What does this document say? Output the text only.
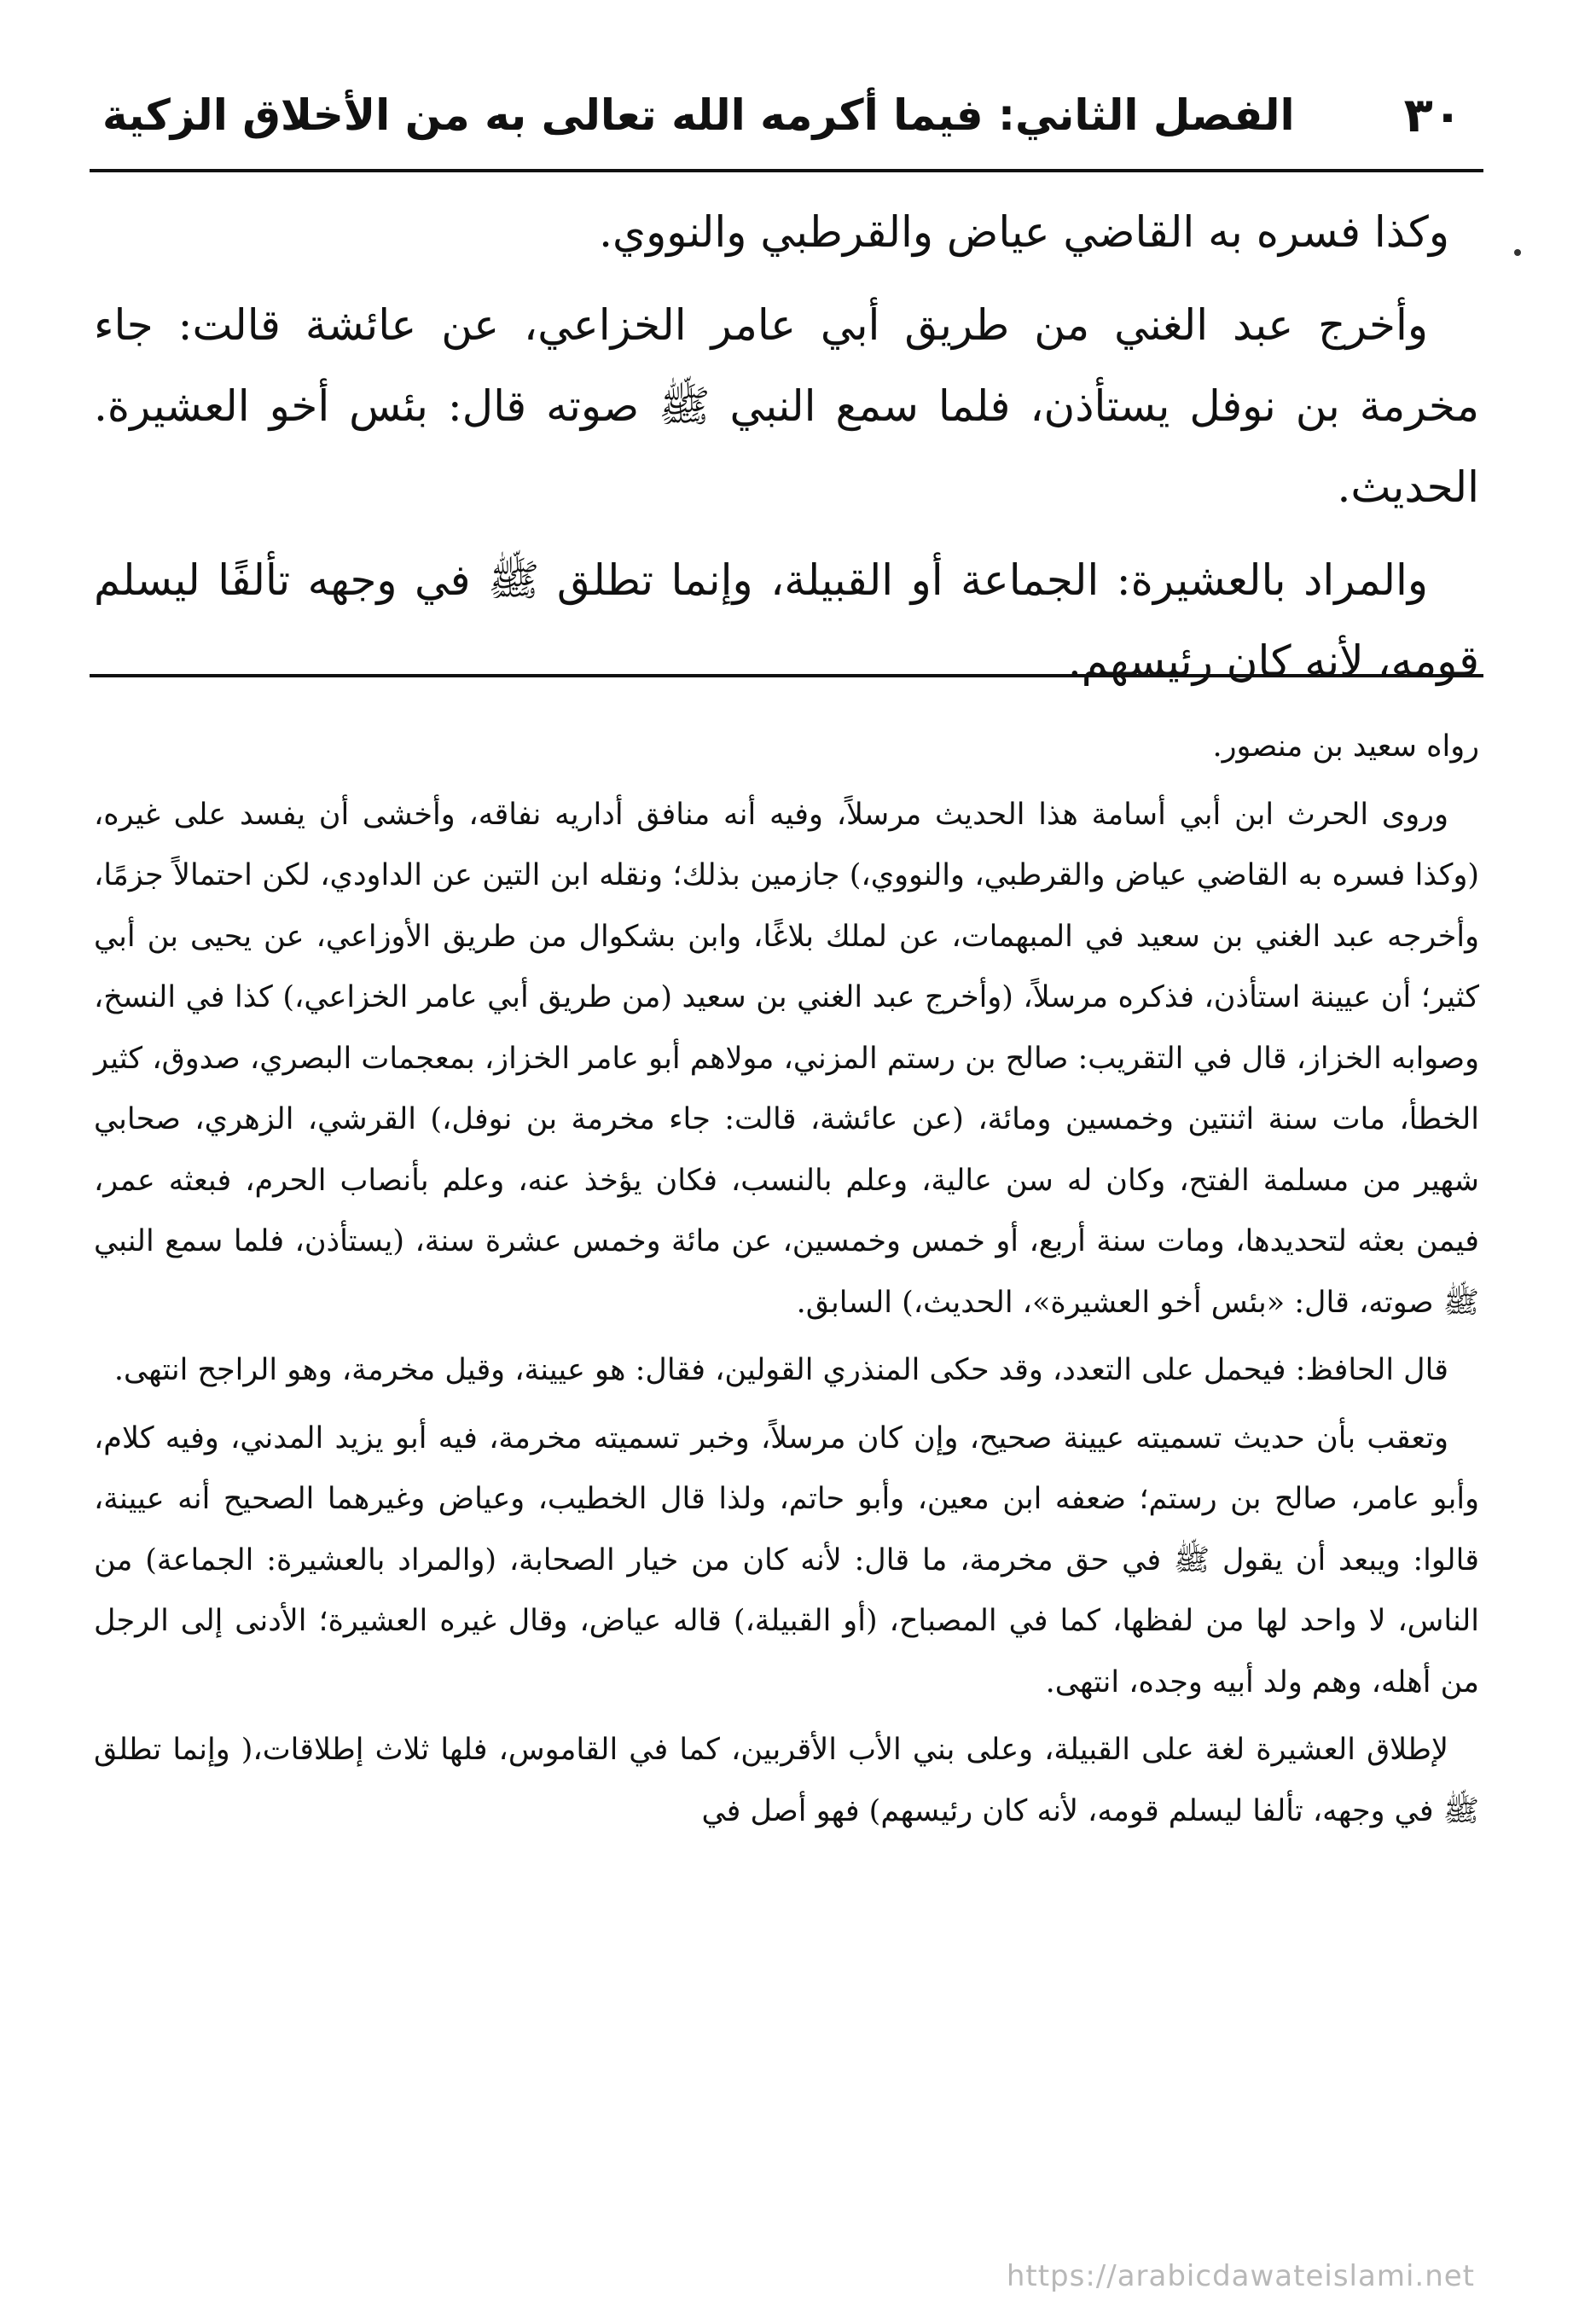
٣٠
الفصل الثاني: فيما أكرمه الله تعالى به من الأخلاق الزكية

وكذا فسره به القاضي عياض والقرطبي والنووي.

وأخرج عبد الغني من طريق أبي عامر الخزاعي، عن عائشة قالت: جاء مخرمة بن نوفل يستأذن، فلما سمع النبي ﷺ صوته قال: بئس أخو العشيرة. الحديث.

والمراد بالعشيرة: الجماعة أو القبيلة، وإنما تطلق ﷺ في وجهه تألفًا ليسلم قومه، لأنه كان رئيسهم.

رواه سعيد بن منصور.

وروى الحرث ابن أبي أسامة هذا الحديث مرسلاً، وفيه أنه منافق أداريه نفاقه، وأخشى أن يفسد على غيره، (وكذا فسره به القاضي عياض والقرطبي، والنووي،) جازمين بذلك؛ ونقله ابن التين عن الداودي، لكن احتمالاً جزمًا، وأخرجه عبد الغني بن سعيد في المبهمات، عن لملك بلاغًا، وابن بشكوال من طريق الأوزاعي، عن يحيى بن أبي كثير؛ أن عيينة استأذن، فذكره مرسلاً، (وأخرج عبد الغني بن سعيد (من طريق أبي عامر الخزاعي،) كذا في النسخ، وصوابه الخزاز، قال في التقريب: صالح بن رستم المزني، مولاهم أبو عامر الخزاز، بمعجمات البصري، صدوق، كثير الخطأ، مات سنة اثنتين وخمسين ومائة، (عن عائشة، قالت: جاء مخرمة بن نوفل،) القرشي، الزهري، صحابي شهير من مسلمة الفتح، وكان له سن عالية، وعلم بالنسب، فكان يؤخذ عنه، وعلم بأنصاب الحرم، فبعثه عمر، فيمن بعثه لتحديدها، ومات سنة أربع، أو خمس وخمسين، عن مائة وخمس عشرة سنة، (يستأذن، فلما سمع النبي ﷺ صوته، قال: «بئس أخو العشيرة»، الحديث،) السابق.

قال الحافظ: فيحمل على التعدد، وقد حكى المنذري القولين، فقال: هو عيينة، وقيل مخرمة، وهو الراجح انتهى.

وتعقب بأن حديث تسميته عيينة صحيح، وإن كان مرسلاً، وخبر تسميته مخرمة، فيه أبو يزيد المدني، وفيه كلام، وأبو عامر، صالح بن رستم؛ ضعفه ابن معين، وأبو حاتم، ولذا قال الخطيب، وعياض وغيرهما الصحيح أنه عيينة، قالوا: ويبعد أن يقول ﷺ في حق مخرمة، ما قال: لأنه كان من خيار الصحابة، (والمراد بالعشيرة: الجماعة) من الناس، لا واحد لها من لفظها، كما في المصباح، (أو القبيلة،) قاله عياض، وقال غيره العشيرة؛ الأدنى إلى الرجل من أهله، وهم ولد أبيه وجده، انتهى.

لإطلاق العشيرة لغة على القبيلة، وعلى بني الأب الأقربين، كما في القاموس، فلها ثلاث إطلاقات،( وإنما تطلق ﷺ في وجهه، تألفا ليسلم قومه، لأنه كان رئيسهم) فهو أصل في

https://arabicdawateislami.net
